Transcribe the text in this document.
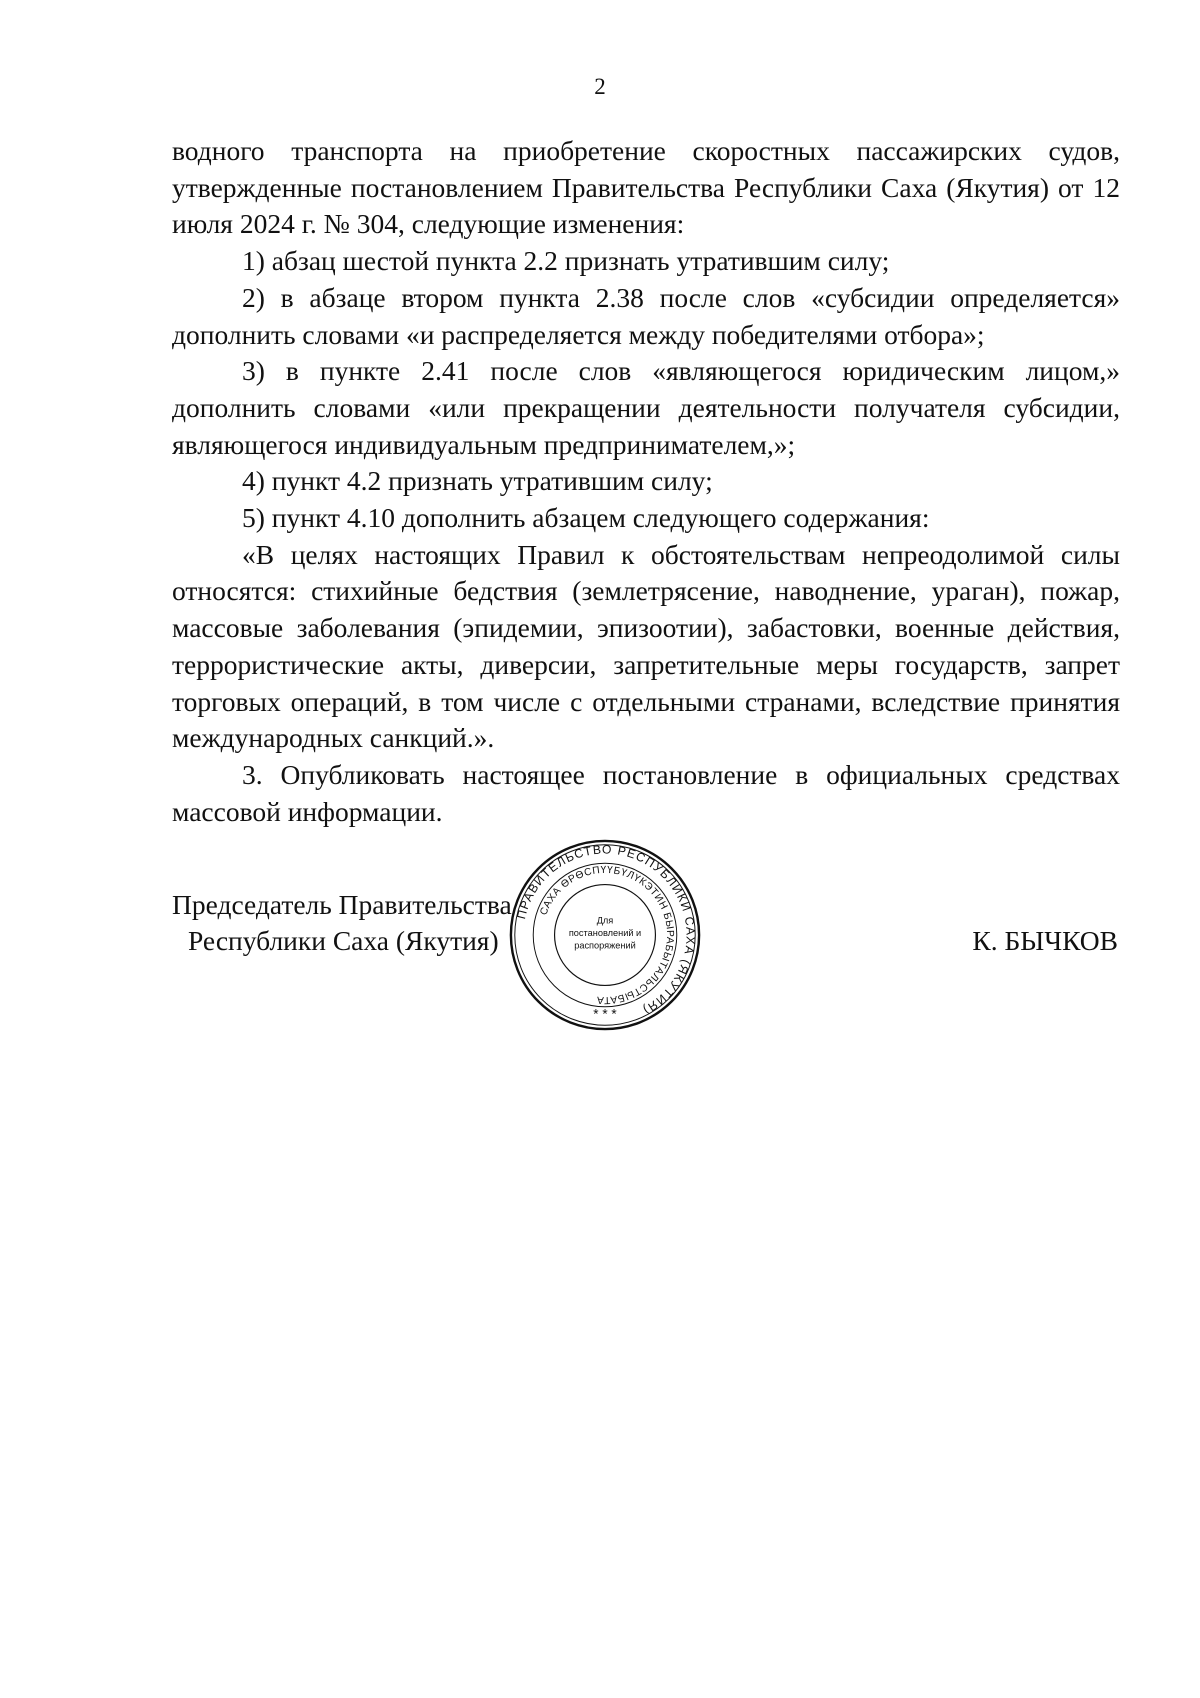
2

водного транспорта на приобретение скоростных пассажирских судов, утвержденные постановлением Правительства Республики Саха (Якутия) от 12 июля 2024 г. № 304, следующие изменения:

1) абзац шестой пункта 2.2 признать утратившим силу;

2) в абзаце втором пункта 2.38 после слов «субсидии определяется» дополнить словами «и распределяется между победителями отбора»;

3) в пункте 2.41 после слов «являющегося юридическим лицом,» дополнить словами «или прекращении деятельности получателя субсидии, являющегося индивидуальным предпринимателем,»;

4) пункт 4.2 признать утратившим силу;

5) пункт 4.10 дополнить абзацем следующего содержания:

«В целях настоящих Правил к обстоятельствам непреодолимой силы относятся: стихийные бедствия (землетрясение, наводнение, ураган), пожар, массовые заболевания (эпидемии, эпизоотии), забастовки, военные действия, террористические акты, диверсии, запретительные меры государств, запрет торговых операций, в том числе с отдельными странами, вследствие принятия международных санкций.».

3. Опубликовать настоящее постановление в официальных средствах массовой информации.

Председатель Правительства
Республики Саха (Якутия)	К. БЫЧКОВ
ПРАВИТЕЛЬСТВО РЕСПУБЛИКИ САХА (ЯКУТИЯ)
САХА ӨРӨСПҮҮБҮЛҮКЭТИН БЫРАБЫТАЛЬСТЫБАТА
Для
постановлений и
распоряжений
* * *
